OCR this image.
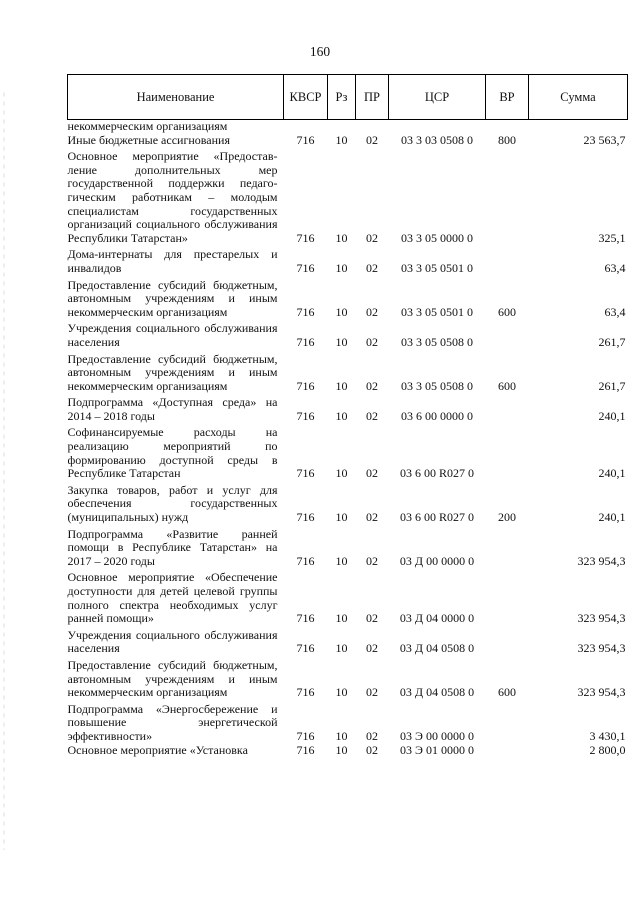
160
Наименование	КВСР	Рз	ПР	ЦСР	ВР	Сумма
некоммерческим организациям						
Иные бюджетные ассигнования	716	10	02	03 3 03 0508 0	800	23 563,7

Основное мероприятие «Предоставление дополнительных мер государственной поддержки педагогическим работникам – молодым специалистам государственных организаций социального обслуживания Республики Татарстан»	716	10	02	03 3 05 0000 0		325,1

Дома-интернаты для престарелых и инвалидов	716	10	02	03 3 05 0501 0		63,4

Предоставление субсидий бюджетным, автономным учреждениям и иным некоммерческим организациям	716	10	02	03 3 05 0501 0	600	63,4

Учреждения социального обслуживания населения	716	10	02	03 3 05 0508 0		261,7

Предоставление субсидий бюджетным, автономным учреждениям и иным некоммерческим организациям	716	10	02	03 3 05 0508 0	600	261,7

Подпрограмма «Доступная среда» на 2014 – 2018 годы	716	10	02	03 6 00 0000 0		240,1

Софинансируемые расходы на реализацию мероприятий по формированию доступной среды в Республике Татарстан	716	10	02	03 6 00 R027 0		240,1

Закупка товаров, работ и услуг для обеспечения государственных (муниципальных) нужд	716	10	02	03 6 00 R027 0	200	240,1

Подпрограмма «Развитие ранней помощи в Республике Татарстан» на 2017 – 2020 годы	716	10	02	03 Д 00 0000 0		323 954,3

Основное мероприятие «Обеспечение доступности для детей целевой группы полного спектра необходимых услуг ранней помощи»	716	10	02	03 Д 04 0000 0		323 954,3

Учреждения социального обслуживания населения	716	10	02	03 Д 04 0508 0		323 954,3

Предоставление субсидий бюджетным, автономным учреждениям и иным некоммерческим организациям	716	10	02	03 Д 04 0508 0	600	323 954,3

Подпрограмма «Энергосбережение и повышение энергетической эффективности»	716	10	02	03 Э 00 0000 0		3 430,1
Основное мероприятие «Установка	716	10	02	03 Э 01 0000 0		2 800,0
